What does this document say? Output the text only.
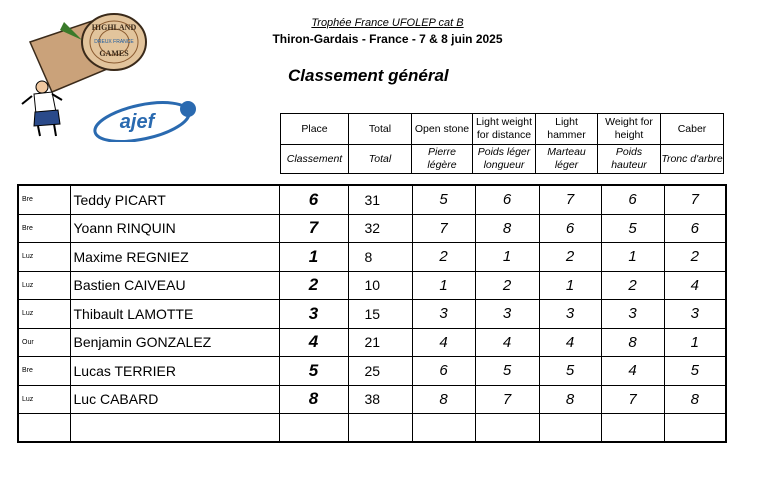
HIGHLAND
DREUX FRANCE
GAMES
ajef
Trophée France UFOLEP cat B
Thiron-Gardais - France - 7 & 8 juin 2025
Classement général
Place	Total	Open stone	Light weight for distance	Light hammer	Weight for height	Caber
Classement	Total	Pierre légère	Poids léger longueur	Marteau léger	Poids hauteur	Tronc d'arbre
Bre	Teddy PICART	6	31	5	6	7	6	7
Bre	Yoann RINQUIN	7	32	7	8	6	5	6
Luz	Maxime REGNIEZ	1	8	2	1	2	1	2
Luz	Bastien CAIVEAU	2	10	1	2	1	2	4
Luz	Thibault LAMOTTE	3	15	3	3	3	3	3
Our	Benjamin GONZALEZ	4	21	4	4	4	8	1
Bre	Lucas TERRIER	5	25	6	5	5	4	5
Luz	Luc CABARD	8	38	8	7	8	7	8
